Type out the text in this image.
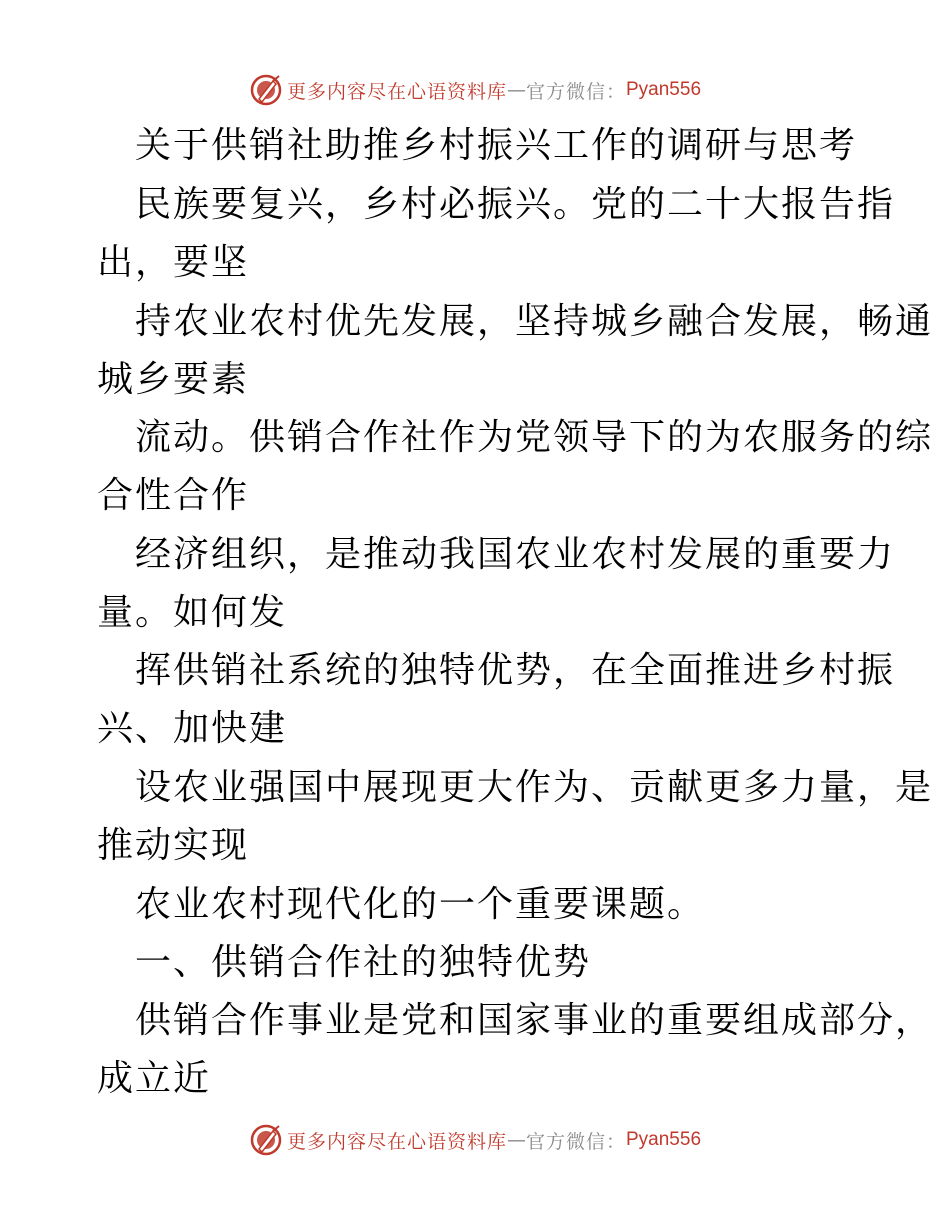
更多内容尽在心语资料库 — 官方微信： Pyan556
关于供销社助推乡村振兴工作的调研与思考
民族要复兴，乡村必振兴。党的二十大报告指
出，要坚
持农业农村优先发展，坚持城乡融合发展，畅通
城乡要素
流动。供销合作社作为党领导下的为农服务的综
合性合作
经济组织，是推动我国农业农村发展的重要力
量。如何发
挥供销社系统的独特优势，在全面推进乡村振
兴、加快建
设农业强国中展现更大作为、贡献更多力量，是
推动实现
农业农村现代化的一个重要课题。
一、供销合作社的独特优势
供销合作事业是党和国家事业的重要组成部分，
成立近
更多内容尽在心语资料库 — 官方微信： Pyan556
